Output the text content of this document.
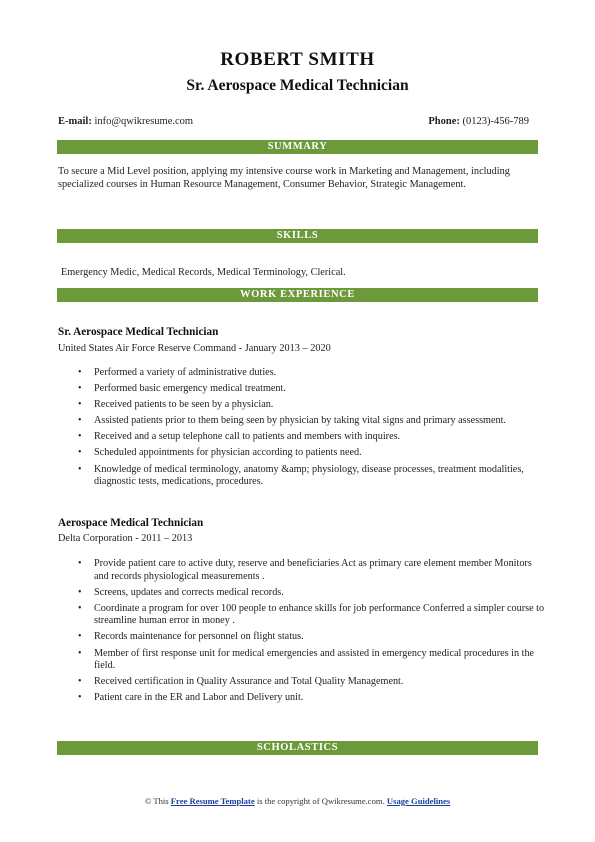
ROBERT SMITH
Sr. Aerospace Medical Technician
E-mail: info@qwikresume.com	Phone: (0123)-456-789
SUMMARY
To secure a Mid Level position, applying my intensive course work in Marketing and Management, including specialized courses in Human Resource Management, Consumer Behavior, Strategic Management.
SKILLS
Emergency Medic, Medical Records, Medical Terminology, Clerical.
WORK EXPERIENCE
Sr. Aerospace Medical Technician
United States Air Force Reserve Command - January 2013 – 2020
• Performed a variety of administrative duties.
• Performed basic emergency medical treatment.
• Received patients to be seen by a physician.
• Assisted patients prior to them being seen by physician by taking vital signs and primary assessment.
• Received and a setup telephone call to patients and members with inquires.
• Scheduled appointments for physician according to patients need.
• Knowledge of medical terminology, anatomy &amp; physiology, disease processes, treatment modalities, diagnostic tests, medications, procedures.
Aerospace Medical Technician
Delta Corporation - 2011 – 2013
• Provide patient care to active duty, reserve and beneficiaries Act as primary care element member Monitors and records physiological measurements .
• Screens, updates and corrects medical records.
• Coordinate a program for over 100 people to enhance skills for job performance Conferred a simpler course to streamline human error in money .
• Records maintenance for personnel on flight status.
• Member of first response unit for medical emergencies and assisted in emergency medical procedures in the field.
• Received certification in Quality Assurance and Total Quality Management.
• Patient care in the ER and Labor and Delivery unit.
SCHOLASTICS
© This Free Resume Template is the copyright of Qwikresume.com. Usage Guidelines
